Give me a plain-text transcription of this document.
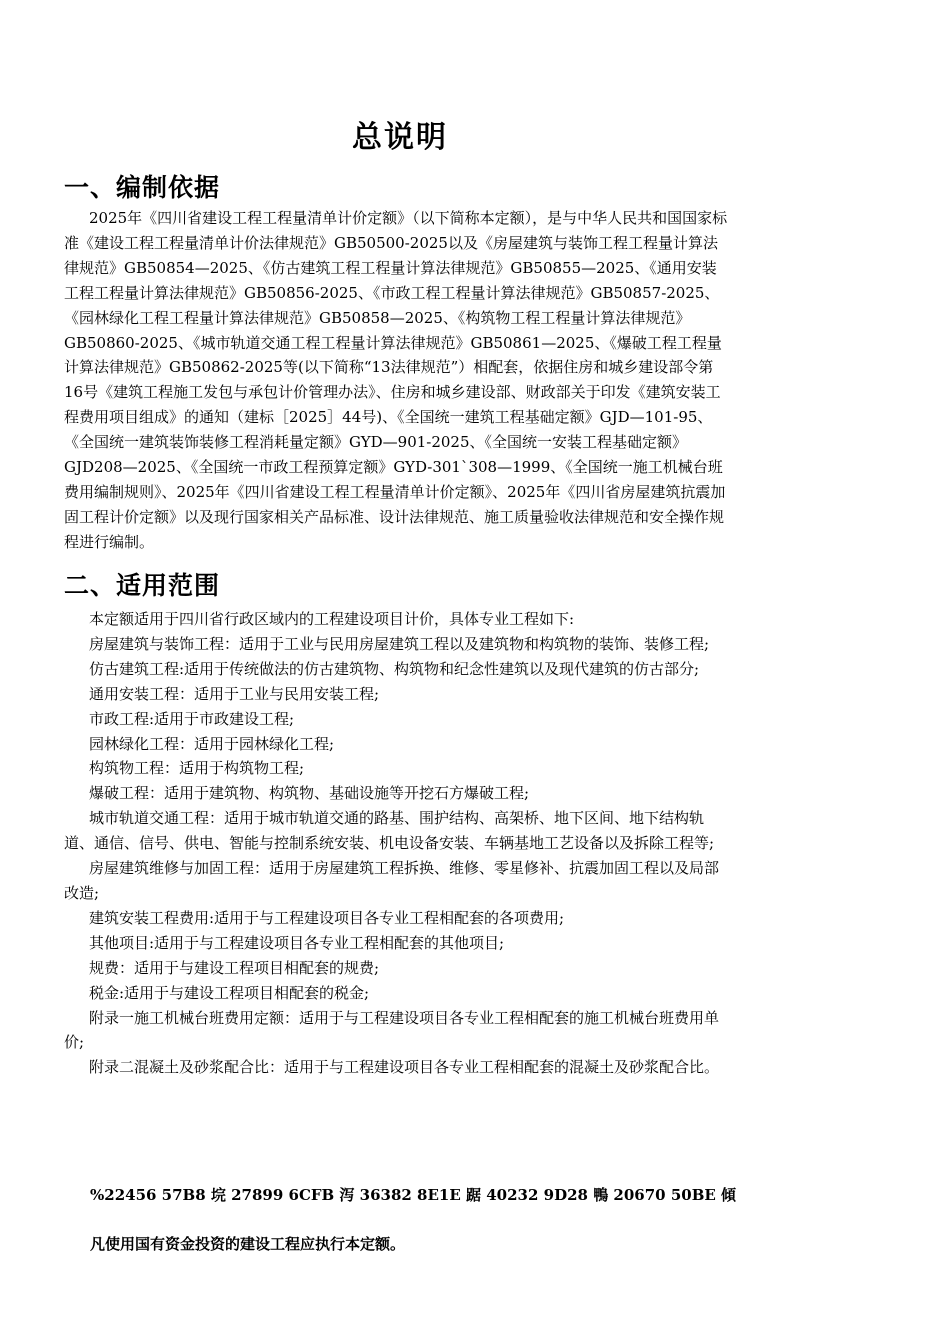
总说明
一、编制依据

2025年《四川省建设工程工程量清单计价定额》（以下简称本定额），是与中华人民共和国国家标准《建设工程工程量清单计价法律规范》GB50500-2025以及《房屋建筑与装饰工程工程量计算法律规范》GB50854—2025、《仿古建筑工程工程量计算法律规范》GB50855—2025、《通用安装工程工程量计算法律规范》GB50856-2025、《市政工程工程量计算法律规范》GB50857-2025、《园林绿化工程工程量计算法律规范》GB50858—2025、《构筑物工程工程量计算法律规范》GB50860-2025、《城市轨道交通工程工程量计算法律规范》GB50861—2025、《爆破工程工程量计算法律规范》GB50862-2025等(以下简称“13法律规范”）相配套，依据住房和城乡建设部令第16号《建筑工程施工发包与承包计价管理办法》、住房和城乡建设部、财政部关于印发《建筑安装工程费用项目组成》的通知（建标［2025］44号)、《全国统一建筑工程基础定额》GJD—101-95、《全国统一建筑装饰装修工程消耗量定额》GYD—901-2025、《全国统一安装工程基础定额》GJD208—2025、《全国统一市政工程预算定额》GYD-301`308—1999、《全国统一施工机械台班费用编制规则》、2025年《四川省建设工程工程量清单计价定额》、2025年《四川省房屋建筑抗震加固工程计价定额》以及现行国家相关产品标准、设计法律规范、施工质量验收法律规范和安全操作规程进行编制。

二、适用范围

本定额适用于四川省行政区域内的工程建设项目计价，具体专业工程如下:

房屋建筑与装饰工程：适用于工业与民用房屋建筑工程以及建筑物和构筑物的装饰、装修工程;

仿古建筑工程:适用于传统做法的仿古建筑物、构筑物和纪念性建筑以及现代建筑的仿古部分;

通用安装工程：适用于工业与民用安装工程;

市政工程:适用于市政建设工程;

园林绿化工程：适用于园林绿化工程;

构筑物工程：适用于构筑物工程;

爆破工程：适用于建筑物、构筑物、基础设施等开挖石方爆破工程;

城市轨道交通工程：适用于城市轨道交通的路基、围护结构、高架桥、地下区间、地下结构轨道、通信、信号、供电、智能与控制系统安装、机电设备安装、车辆基地工艺设备以及拆除工程等;

房屋建筑维修与加固工程：适用于房屋建筑工程拆换、维修、零星修补、抗震加固工程以及局部改造;

建筑安装工程费用:适用于与工程建设项目各专业工程相配套的各项费用;

其他项目:适用于与工程建设项目各专业工程相配套的其他项目;

规费：适用于与建设工程项目相配套的规费;

税金:适用于与建设工程项目相配套的税金;

附录一施工机械台班费用定额：适用于与工程建设项目各专业工程相配套的施工机械台班费用单价;

附录二混凝土及砂浆配合比：适用于与工程建设项目各专业工程相配套的混凝土及砂浆配合比。

%22456 57B8 垸 27899 6CFB 泻 36382 8E1E 踞 40232 9D28 鴨 20670 50BE 傾
凡使用国有资金投资的建设工程应执行本定额。
